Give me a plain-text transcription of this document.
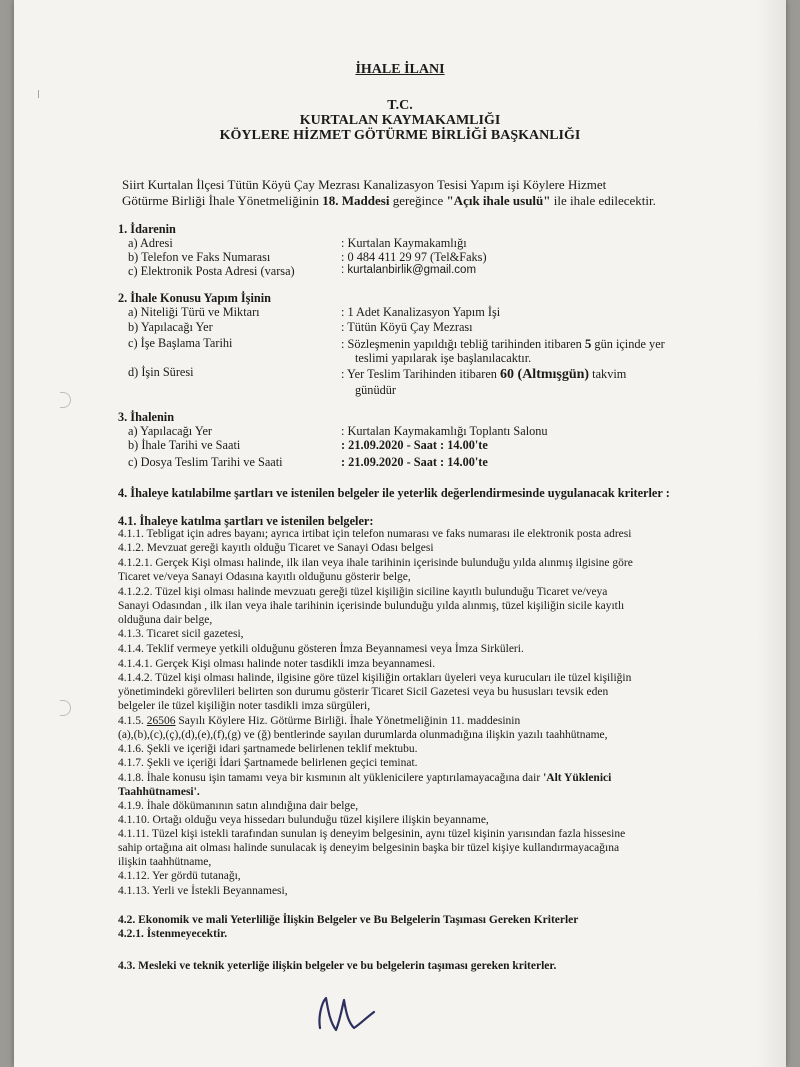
İHALE İLANI
T.C.
KURTALAN KAYMAKAMLIĞI
KÖYLERE HİZMET GÖTÜRME BİRLİĞİ BAŞKANLIĞI
Siirt Kurtalan İlçesi Tütün Köyü Çay Mezrası Kanalizasyon Tesisi Yapım işi Köylere Hizmet
Götürme Birliği İhale Yönetmeliğinin 18. Maddesi gereğince "Açık ihale usulü" ile ihale edilecektir.
1. İdarenin
a) Adresi	: Kurtalan Kaymakamlığı
b) Telefon ve Faks Numarası	: 0 484 411 29 97 (Tel&Faks)
c) Elektronik Posta Adresi (varsa)	: kurtalanbirlik@gmail.com
2. İhale Konusu Yapım İşinin
a) Niteliği Türü ve Miktarı	: 1 Adet Kanalizasyon Yapım İşi
b) Yapılacağı Yer	: Tütün Köyü Çay Mezrası
c) İşe Başlama Tarihi	: Sözleşmenin yapıldığı tebliğ tarihinden itibaren 5 gün içinde yer
teslimi yapılarak işe başlanılacaktır.
d) İşin Süresi	: Yer Teslim Tarihinden itibaren 60 (Altmışgün) takvim
günüdür
3. İhalenin
a) Yapılacağı Yer	: Kurtalan Kaymakamlığı Toplantı Salonu
b) İhale Tarihi ve Saati	: 21.09.2020 - Saat : 14.00'te
c) Dosya Teslim Tarihi ve Saati	: 21.09.2020 - Saat : 14.00'te
4. İhaleye katılabilme şartları ve istenilen belgeler ile yeterlik değerlendirmesinde uygulanacak kriterler :
4.1. İhaleye katılma şartları ve istenilen belgeler:
4.1.1. Tebligat için adres bayanı; ayrıca irtibat için telefon numarası ve faks numarası ile elektronik posta adresi
4.1.2. Mevzuat gereği kayıtlı olduğu Ticaret ve Sanayi Odası belgesi
4.1.2.1. Gerçek Kişi olması halinde, ilk ilan veya ihale tarihinin içerisinde bulunduğu yılda alınmış ilgisine göre
Ticaret ve/veya Sanayi Odasına kayıtlı olduğunu gösterir belge,
4.1.2.2. Tüzel kişi olması halinde mevzuatı gereği tüzel kişiliğin siciline kayıtlı bulunduğu Ticaret ve/veya
Sanayi Odasından , ilk ilan veya ihale tarihinin içerisinde bulunduğu yılda alınmış, tüzel kişiliğin sicile kayıtlı
olduğuna dair belge,
4.1.3. Ticaret sicil gazetesi,
4.1.4. Teklif vermeye yetkili olduğunu gösteren İmza Beyannamesi veya İmza Sirküleri.
4.1.4.1. Gerçek Kişi olması halinde noter tasdikli imza beyannamesi.
4.1.4.2. Tüzel kişi olması halinde, ilgisine göre tüzel kişiliğin ortakları üyeleri veya kurucuları ile tüzel kişiliğin
yönetimindeki görevlileri belirten son durumu gösterir Ticaret Sicil Gazetesi veya bu hususları tevsik eden
belgeler ile tüzel kişiliğin noter tasdikli imza sürgüleri,
4.1.5. 26506 Sayılı Köylere Hiz. Götürme Birliği. İhale Yönetmeliğinin 11. maddesinin
(a),(b),(c),(ç),(d),(e),(f),(g) ve (ğ) bentlerinde sayılan durumlarda olunmadığına ilişkin yazılı taahhütname,
4.1.6. Şekli ve içeriği idari şartnamede belirlenen teklif mektubu.
4.1.7. Şekli ve içeriği İdari Şartnamede belirlenen geçici teminat.
4.1.8. İhale konusu işin tamamı veya bir kısmının alt yüklenicilere yaptırılamayacağına dair 'Alt Yüklenici
Taahhütnamesi'.
4.1.9. İhale dökümanının satın alındığına dair belge,
4.1.10. Ortağı olduğu veya hissedarı bulunduğu tüzel kişilere ilişkin beyanname,
4.1.11. Tüzel kişi istekli tarafından sunulan iş deneyim belgesinin, aynı tüzel kişinin yarısından fazla hissesine
sahip ortağına ait olması halinde sunulacak iş deneyim belgesinin başka bir tüzel kişiye kullandırmayacağına
ilişkin taahhütname,
4.1.12. Yer gördü tutanağı,
4.1.13. Yerli ve İstekli Beyannamesi,
4.2. Ekonomik ve mali Yeterliliğe İlişkin Belgeler ve Bu Belgelerin Taşıması Gereken Kriterler
4.2.1. İstenmeyecektir.
4.3. Mesleki ve teknik yeterliğe ilişkin belgeler ve bu belgelerin taşıması gereken kriterler.
